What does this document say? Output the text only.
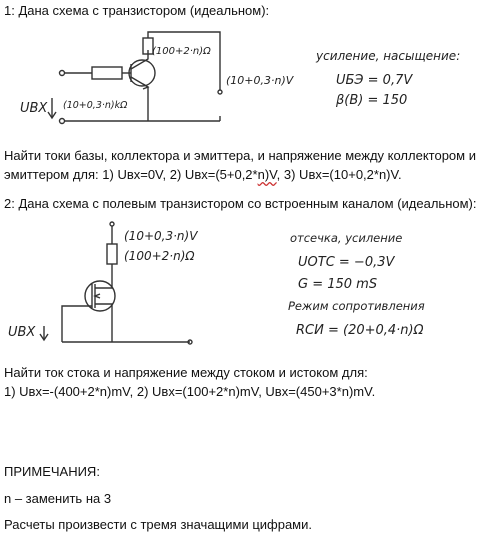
1: Дана схема с транзистором (идеальном):
(100+2·n)Ω
(10+0,3·n)V
(10+0,3·n)kΩ
UBX
усиление, насыщение:
UБЭ = 0,7V
β(B) = 150
Найти токи базы, коллектора и эмиттера, и напряжение между коллектором и
эмиттером для: 1) Uвх=0V, 2) Uвх=(5+0,2*n)V, 3) Uвх=(10+0,2*n)V.
2: Дана схема с полевым транзистором со встроенным каналом (идеальном):
(10+0,3·n)V
(100+2·n)Ω
UBX
отсечка, усиление
UOTC = −0,3V
G = 150 mS
Режим сопротивления
RСИ = (20+0,4·n)Ω
Найти ток стока и напряжение между стоком и истоком для:
1) Uвх=-(400+2*n)mV, 2) Uвх=(100+2*n)mV, Uвх=(450+3*n)mV.
ПРИМЕЧАНИЯ:
n – заменить на 3
Расчеты произвести с тремя значащими цифрами.
